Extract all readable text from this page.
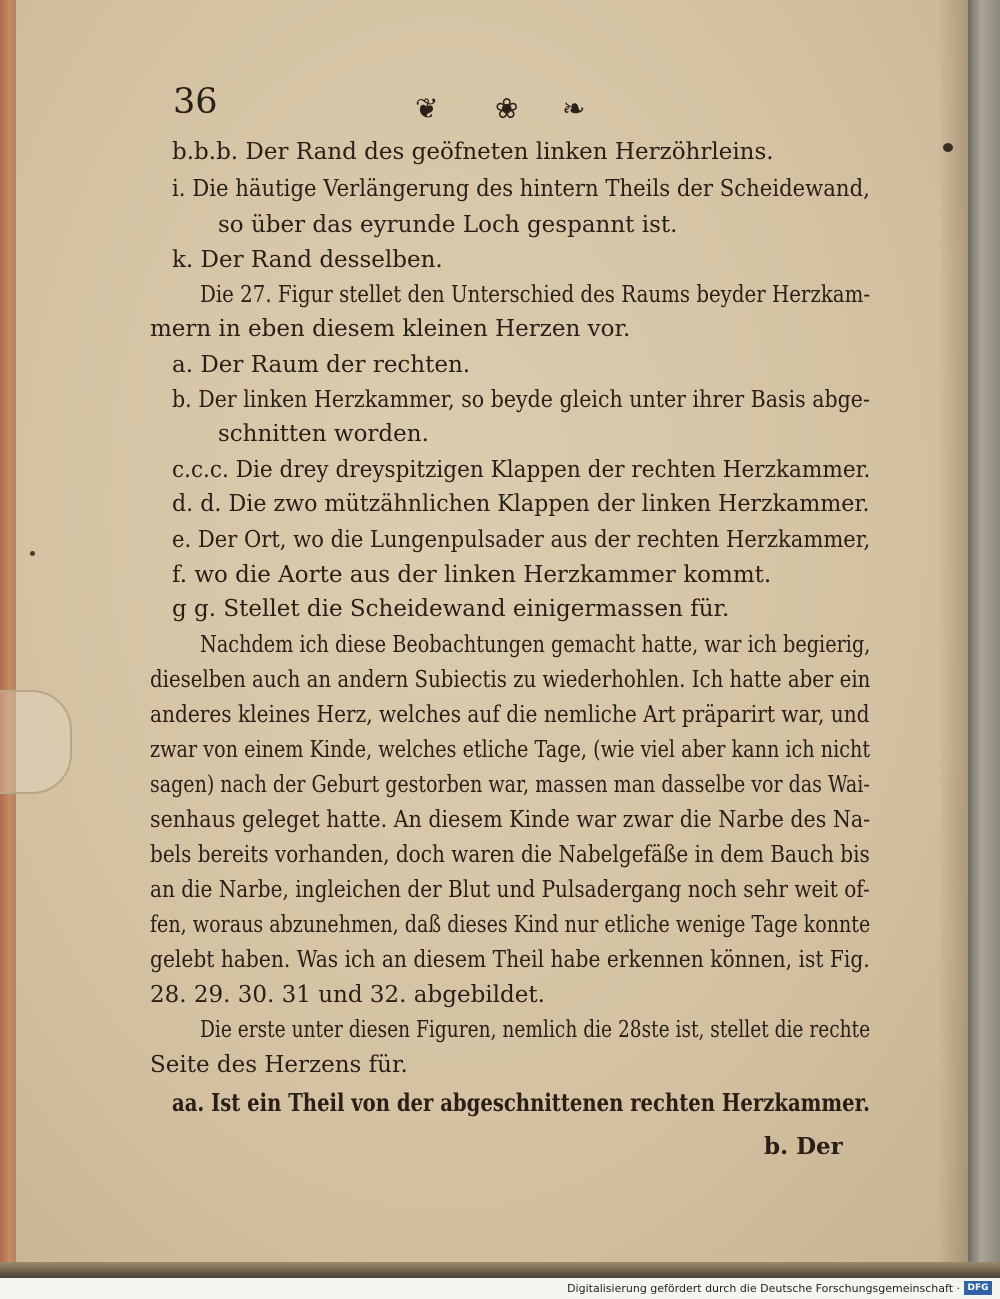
36	❦ ❀ ❧
b.b.b. Der Rand des geöfneten linken Herzöhrleins.
i. Die häutige Verlängerung des hintern Theils der Scheidewand,
so über das eyrunde Loch gespannt ist.
k. Der Rand desselben.
Die 27. Figur stellet den Unterschied des Raums beyder Herzkam-
mern in eben diesem kleinen Herzen vor.
a. Der Raum der rechten.
b. Der linken Herzkammer, so beyde gleich unter ihrer Basis abge-
schnitten worden.
c.c.c. Die drey dreyspitzigen Klappen der rechten Herzkammer.
d. d. Die zwo mützähnlichen Klappen der linken Herzkammer.
e. Der Ort, wo die Lungenpulsader aus der rechten Herzkammer,
f. wo die Aorte aus der linken Herzkammer kommt.
g g. Stellet die Scheidewand einigermassen für.
Nachdem ich diese Beobachtungen gemacht hatte, war ich begierig,
dieselben auch an andern Subiectis zu wiederhohlen. Ich hatte aber ein
anderes kleines Herz, welches auf die nemliche Art präparirt war, und
zwar von einem Kinde, welches etliche Tage, (wie viel aber kann ich nicht
sagen) nach der Geburt gestorben war, massen man dasselbe vor das Wai-
senhaus geleget hatte. An diesem Kinde war zwar die Narbe des Na-
bels bereits vorhanden, doch waren die Nabelgefäße in dem Bauch bis
an die Narbe, ingleichen der Blut und Pulsadergang noch sehr weit of-
fen, woraus abzunehmen, daß dieses Kind nur etliche wenige Tage konnte
gelebt haben. Was ich an diesem Theil habe erkennen können, ist Fig.
28. 29. 30. 31 und 32. abgebildet.
Die erste unter diesen Figuren, nemlich die 28ste ist, stellet die rechte
Seite des Herzens für.
aa. Ist ein Theil von der abgeschnittenen rechten Herzkammer.
b. Der
Digitalisierung gefördert durch die Deutsche Forschungsgemeinschaft · DFG
